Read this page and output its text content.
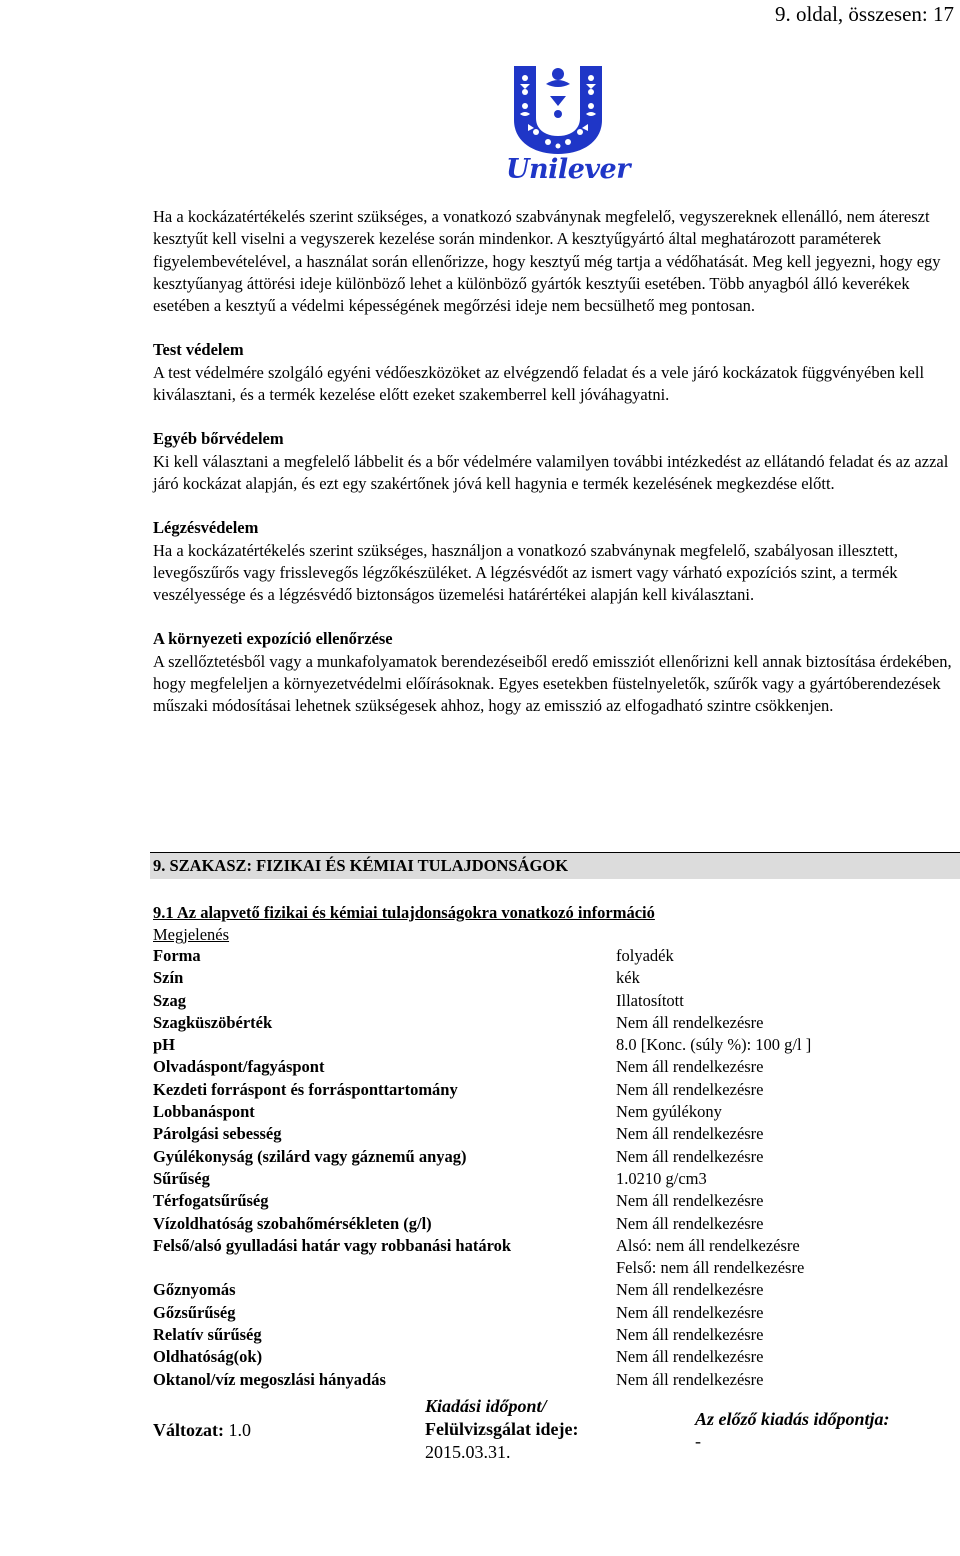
9. oldal, összesen: 17
Unilever

Ha a kockázatértékelés szerint szükséges, a vonatkozó szabványnak megfelelő, vegyszereknek ellenálló, nem átereszt kesztyűt kell viselni a vegyszerek kezelése során mindenkor. A kesztyűgyártó által meghatározott paraméterek figyelembevételével, a használat során ellenőrizze, hogy kesztyű még tartja a védőhatását. Meg kell jegyezni, hogy egy kesztyűanyag áttörési ideje különböző lehet a különböző gyártók kesztyűi esetében. Több anyagból álló keverékek esetében a kesztyű a védelmi képességének megőrzési ideje nem becsülhető meg pontosan.

Test védelem

A test védelmére szolgáló egyéni védőeszközöket az elvégzendő feladat és a vele járó kockázatok függvényében kell kiválasztani, és a termék kezelése előtt ezeket szakemberrel kell jóváhagyatni.

Egyéb bőrvédelem

Ki kell választani a megfelelő lábbelit és a bőr védelmére valamilyen további intézkedést az ellátandó feladat és az azzal járó kockázat alapján, és ezt egy szakértőnek jóvá kell hagynia e termék kezelésének megkezdése előtt.

Légzésvédelem

Ha a kockázatértékelés szerint szükséges, használjon a vonatkozó szabványnak megfelelő, szabályosan illesztett, levegőszűrős vagy frisslevegős légzőkészüléket. A légzésvédőt az ismert vagy várható expozíciós szint, a termék veszélyessége és a légzésvédő biztonságos üzemelési határértékei alapján kell kiválasztani.

A környezeti expozíció ellenőrzése

A szellőztetésből vagy a munkafolyamatok berendezéseiből eredő emissziót ellenőrizni kell annak biztosítása érdekében, hogy megfeleljen a környezetvédelmi előírásoknak. Egyes esetekben füstelnyeletők, szűrők vagy a gyártóberendezések műszaki módosításai lehetnek szükségesek ahhoz, hogy az emisszió az elfogadható szintre csökkenjen.

9. SZAKASZ: FIZIKAI ÉS KÉMIAI TULAJDONSÁGOK
9.1 Az alapvető fizikai és kémiai tulajdonságokra vonatkozó információ
Megjelenés
Forma	folyadék
Szín	kék
Szag	Illatosított
Szagküszöbérték	Nem áll rendelkezésre
pH	8.0 [Konc. (súly %): 100 g/l ]
Olvadáspont/fagyáspont	Nem áll rendelkezésre
Kezdeti forráspont és forrásponttartomány	Nem áll rendelkezésre
Lobbanáspont	Nem gyúlékony
Párolgási sebesség	Nem áll rendelkezésre
Gyúlékonyság (szilárd vagy gáznemű anyag)	Nem áll rendelkezésre
Sűrűség	1.0210 g/cm3
Térfogatsűrűség	Nem áll rendelkezésre
Vízoldhatóság szobahőmérsékleten (g/l)	Nem áll rendelkezésre
Felső/alsó gyulladási határ vagy robbanási határok	Alsó: nem áll rendelkezésre
Felső: nem áll rendelkezésre
Gőznyomás	Nem áll rendelkezésre
Gőzsűrűség	Nem áll rendelkezésre
Relatív sűrűség	Nem áll rendelkezésre
Oldhatóság(ok)	Nem áll rendelkezésre
Oktanol/víz megoszlási hányadás	Nem áll rendelkezésre
Változat: 1.0
Kiadási időpont/
Felülvizsgálat ideje:
2015.03.31.
Az előző kiadás időpontja:
-
